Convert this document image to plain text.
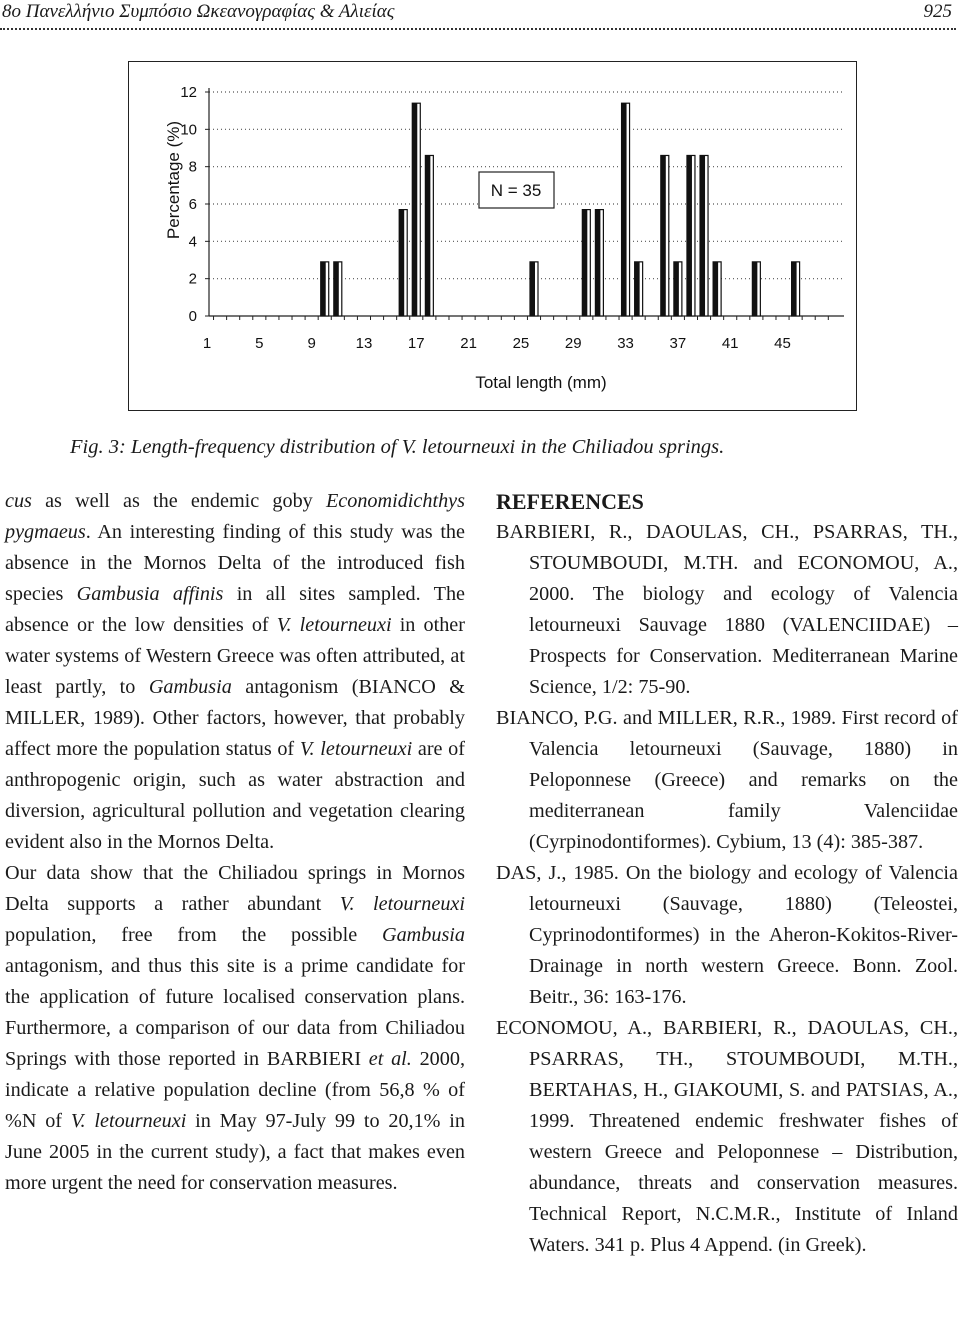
8ο Πανελλήνιο Συμπόσιο Ωκεανογραφίας & Αλιείας	925
Percentage (%)
Total length (mm)
0
2
4
6
8
10
12
1	5	9	13 17 21 25 29 33 37 41 45
N = 35
Fig. 3: Length-frequency distribution of V. letourneuxi in the Chiliadou springs.

cus as well as the endemic goby Economidichthys pygmaeus. An interesting finding of this study was the absence in the Mornos Delta of the introduced fish species Gambusia affinis in all sites sampled. The absence or the low densities of V. letourneuxi in other water systems of Western Greece was often attributed, at least partly, to Gambusia antagonism (BIANCO & MILLER, 1989). Other factors, however, that probably affect more the population status of V. letourneuxi are of anthropogenic origin, such as water abstraction and diversion, agricultural pollution and vegetation clearing evident also in the Mornos Delta.

Our data show that the Chiliadou springs in Mornos Delta supports a rather abundant V. letourneuxi population, free from the possible Gambusia antagonism, and thus this site is a prime candidate for the application of future localised conservation plans. Furthermore, a comparison of our data from Chiliadou Springs with those reported in BARBIERI et al. 2000, indicate a relative population decline (from 56,8 % of %N of V. letourneuxi in May 97-July 99 to 20,1% in June 2005 in the current study), a fact that makes even more urgent the need for conservation measures.

REFERENCES

BARBIERI, R., DAOULAS, CH., PSARRAS, TH., STOUMBOUDI, M.TH. and ECONOMOU, A., 2000. The biology and ecology of Valencia letourneuxi Sauvage 1880 (VALENCIIDAE) – Prospects for Conservation. Mediterranean Marine Science, 1/2: 75-90.

BIANCO, P.G. and MILLER, R.R., 1989. First record of Valencia letourneuxi (Sauvage, 1880) in Peloponnese (Greece) and remarks on the mediterranean family Valenciidae (Cyrpinodontiformes). Cybium, 13 (4): 385-387.

DAS, J., 1985. On the biology and ecology of Valencia letourneuxi (Sauvage, 1880) (Teleostei, Cyprinodontiformes) in the Aheron-Kokitos-River-Drainage in north western Greece. Bonn. Zool. Beitr., 36: 163-176.

ECONOMOU, A., BARBIERI, R., DAOULAS, CH., PSARRAS, TH., STOUMBOUDI, M.TH., BERTAHAS, H., GIAKOUMI, S. and PATSIAS, A., 1999. Threatened endemic freshwater fishes of western Greece and Peloponnese – Distribution, abundance, threats and conservation measures. Technical Report, N.C.M.R., Institute of Inland Waters. 341 p. Plus 4 Append. (in Greek).
